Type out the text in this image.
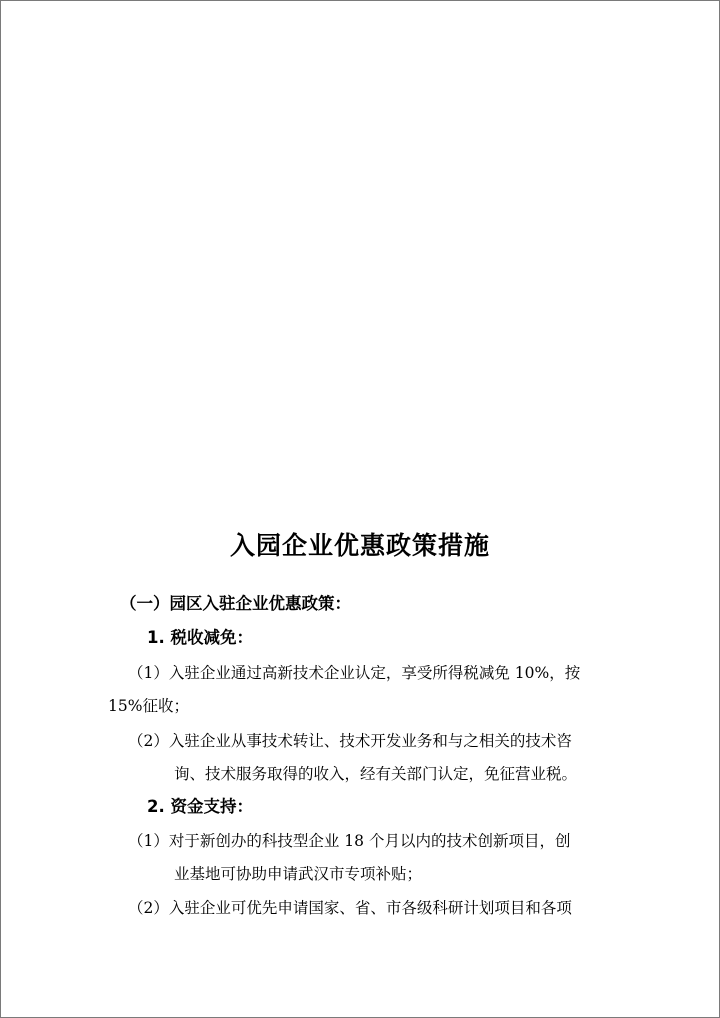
入园企业优惠政策措施
（一）园区入驻企业优惠政策：
1. 税收减免：
（1）入驻企业通过高新技术企业认定，享受所得税减免 10%，按
15%征收；
（2）入驻企业从事技术转让、技术开发业务和与之相关的技术咨
询、技术服务取得的收入，经有关部门认定，免征营业税。
2. 资金支持：
（1）对于新创办的科技型企业 18 个月以内的技术创新项目，创
业基地可协助申请武汉市专项补贴；
（2）入驻企业可优先申请国家、省、市各级科研计划项目和各项
